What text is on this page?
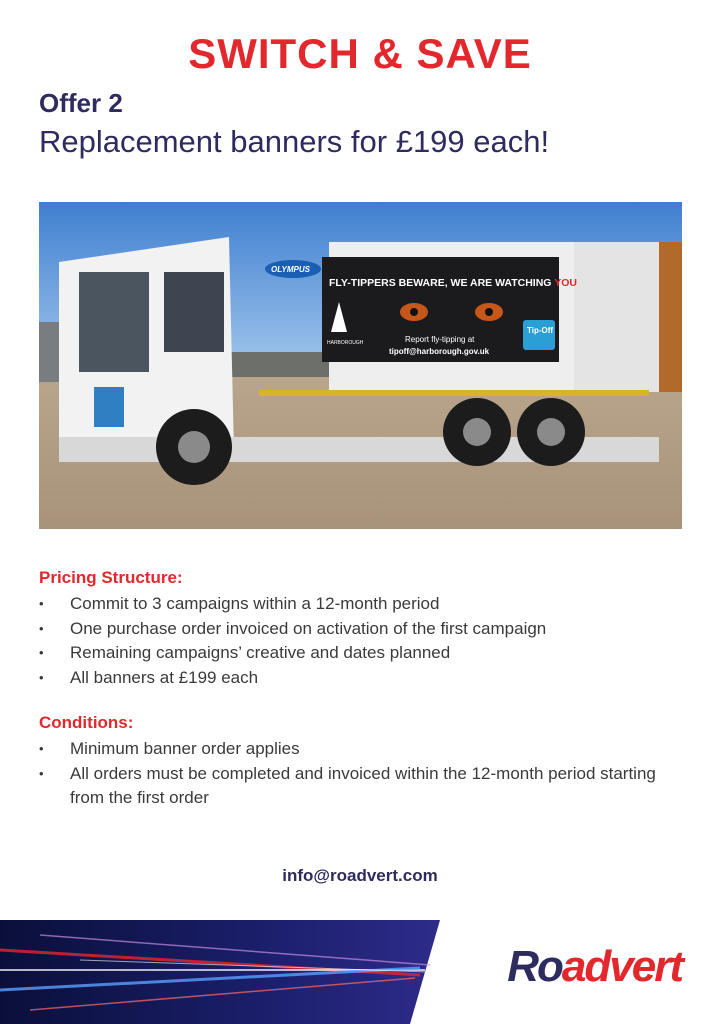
SWITCH & SAVE
Offer 2
Replacement banners for £199 each!
FLY-TIPPERS BEWARE, WE ARE WATCHING YOU
Report fly-tipping at
tipoff@harborough.gov.uk
Tip-Off
HARBOROUGH
OLYMPUS
Pricing Structure:
• Commit to 3 campaigns within a 12-month period
• One purchase order invoiced on activation of the first campaign
• Remaining campaigns’ creative and dates planned
• All banners at £199 each
Conditions:
• Minimum banner order applies
• All orders must be completed and invoiced within the 12-month period starting from the first order
info@roadvert.com
Roadvert
